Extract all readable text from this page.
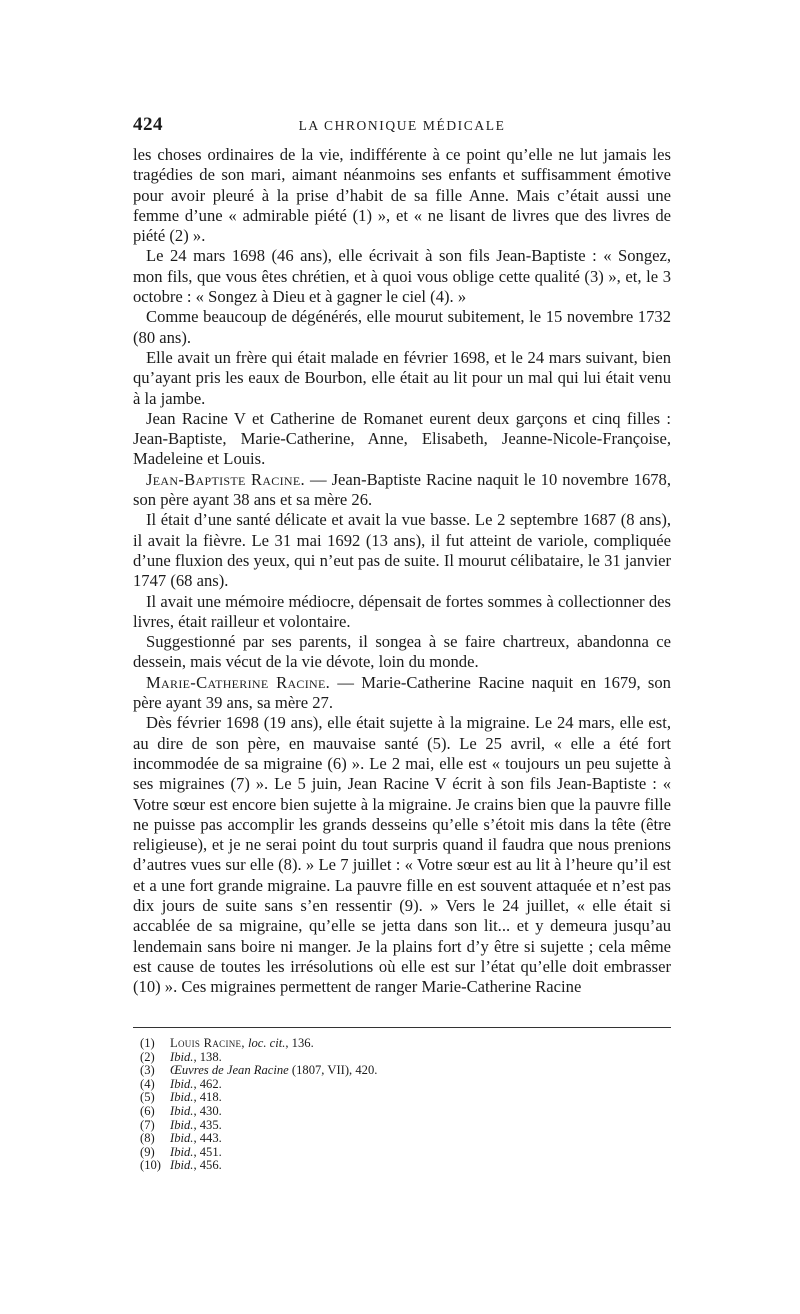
424	LA CHRONIQUE MÉDICALE

les choses ordinaires de la vie, indifférente à ce point qu’elle ne lut jamais les tragédies de son mari, aimant néanmoins ses enfants et suffisamment émotive pour avoir pleuré à la prise d’habit de sa fille Anne. Mais c’était aussi une femme d’une « admirable piété (1) », et « ne lisant de livres que des livres de piété (2) ».

Le 24 mars 1698 (46 ans), elle écrivait à son fils Jean-Baptiste : « Songez, mon fils, que vous êtes chrétien, et à quoi vous oblige cette qualité (3) », et, le 3 octobre : « Songez à Dieu et à gagner le ciel (4). »

Comme beaucoup de dégénérés, elle mourut subitement, le 15 novembre 1732 (80 ans).

Elle avait un frère qui était malade en février 1698, et le 24 mars suivant, bien qu’ayant pris les eaux de Bourbon, elle était au lit pour un mal qui lui était venu à la jambe.

Jean Racine V et Catherine de Romanet eurent deux garçons et cinq filles : Jean-Baptiste, Marie-Catherine, Anne, Elisabeth, Jeanne-Nicole-Françoise, Madeleine et Louis.

Jean-Baptiste Racine. — Jean-Baptiste Racine naquit le 10 novembre 1678, son père ayant 38 ans et sa mère 26.

Il était d’une santé délicate et avait la vue basse. Le 2 septembre 1687 (8 ans), il avait la fièvre. Le 31 mai 1692 (13 ans), il fut atteint de variole, compliquée d’une fluxion des yeux, qui n’eut pas de suite. Il mourut célibataire, le 31 janvier 1747 (68 ans).

Il avait une mémoire médiocre, dépensait de fortes sommes à collectionner des livres, était railleur et volontaire.

Suggestionné par ses parents, il songea à se faire chartreux, abandonna ce dessein, mais vécut de la vie dévote, loin du monde.

Marie-Catherine Racine. — Marie-Catherine Racine naquit en 1679, son père ayant 39 ans, sa mère 27.

Dès février 1698 (19 ans), elle était sujette à la migraine. Le 24 mars, elle est, au dire de son père, en mauvaise santé (5). Le 25 avril, « elle a été fort incommodée de sa migraine (6) ». Le 2 mai, elle est « toujours un peu sujette à ses migraines (7) ». Le 5 juin, Jean Racine V écrit à son fils Jean-Baptiste : « Votre sœur est encore bien sujette à la migraine. Je crains bien que la pauvre fille ne puisse pas accomplir les grands desseins qu’elle s’étoit mis dans la tête (être religieuse), et je ne serai point du tout surpris quand il faudra que nous prenions d’autres vues sur elle (8). » Le 7 juillet : « Votre sœur est au lit à l’heure qu’il est et a une fort grande migraine. La pauvre fille en est souvent attaquée et n’est pas dix jours de suite sans s’en ressentir (9). » Vers le 24 juillet, « elle était si accablée de sa migraine, qu’elle se jetta dans son lit... et y demeura jusqu’au lendemain sans boire ni manger. Je la plains fort d’y être si sujette ; cela même est cause de toutes les irrésolutions où elle est sur l’état qu’elle doit embrasser (10) ». Ces migraines permettent de ranger Marie-Catherine Racine

(1) Louis Racine, loc. cit., 136.
(2) Ibid., 138.
(3) Œuvres de Jean Racine (1807, VII), 420.
(4) Ibid., 462.
(5) Ibid., 418.
(6) Ibid., 430.
(7) Ibid., 435.
(8) Ibid., 443.
(9) Ibid., 451.
(10) Ibid., 456.
